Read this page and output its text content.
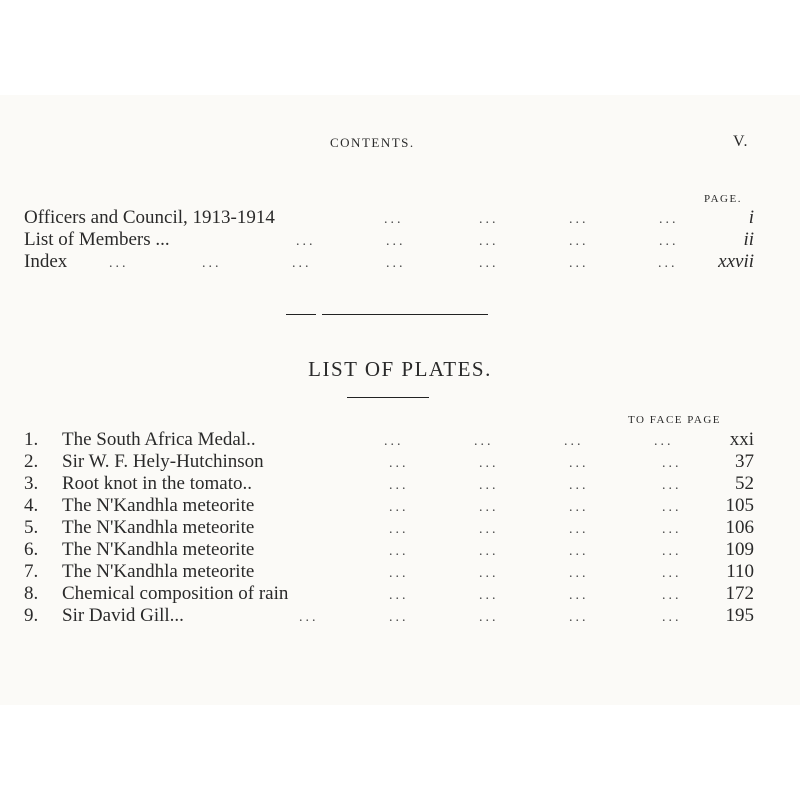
CONTENTS.	V.
PAGE.
Officers and Council, 1913-1914	...	...	...	...	i
List of Members ...	...	...	...	...	...	ii
Index	...	...	...	...	...	...	... xxvii
LIST OF PLATES.
TO FACE PAGE
1. The South Africa Medal..	...	...	...	...	xxi
2. Sir W. F. Hely-Hutchinson	...	...	...	...	37
3. Root knot in the tomato..	...	...	...	...	52
4. The N'Kandhla meteorite	...	...	...	... 105
5. The N'Kandhla meteorite	...	...	...	... 106
6. The N'Kandhla meteorite	...	...	...	... 109
7. The N'Kandhla meteorite	...	...	...	... 110
8. Chemical composition of rain	...	...	...	... 172
9. Sir David Gill...	...	...	...	...	... 195
